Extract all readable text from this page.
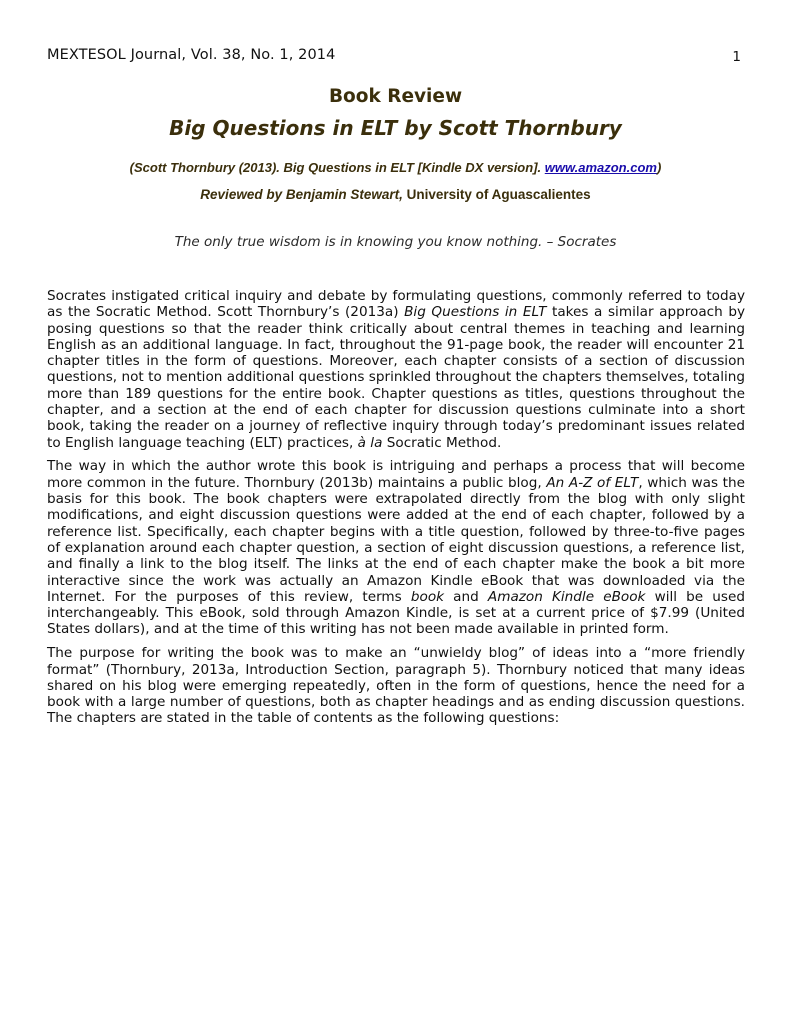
MEXTESOL Journal, Vol. 38, No. 1, 2014	1
Book Review
Big Questions in ELT by Scott Thornbury
(Scott Thornbury (2013). Big Questions in ELT [Kindle DX version]. www.amazon.com)
Reviewed by Benjamin Stewart, University of Aguascalientes
The only true wisdom is in knowing you know nothing. – Socrates

Socrates instigated critical inquiry and debate by formulating questions, commonly referred to today as the Socratic Method. Scott Thornbury’s (2013a) Big Questions in ELT takes a similar approach by posing questions so that the reader think critically about central themes in teaching and learning English as an additional language. In fact, throughout the 91-page book, the reader will encounter 21 chapter titles in the form of questions. Moreover, each chapter consists of a section of discussion questions, not to mention additional questions sprinkled throughout the chapters themselves, totaling more than 189 questions for the entire book. Chapter questions as titles, questions throughout the chapter, and a section at the end of each chapter for discussion questions culminate into a short book, taking the reader on a journey of reflective inquiry through today’s predominant issues related to English language teaching (ELT) practices, à la Socratic Method.

The way in which the author wrote this book is intriguing and perhaps a process that will become more common in the future. Thornbury (2013b) maintains a public blog, An A-Z of ELT, which was the basis for this book. The book chapters were extrapolated directly from the blog with only slight modifications, and eight discussion questions were added at the end of each chapter, followed by a reference list. Specifically, each chapter begins with a title question, followed by three-to-five pages of explanation around each chapter question, a section of eight discussion questions, a reference list, and finally a link to the blog itself. The links at the end of each chapter make the book a bit more interactive since the work was actually an Amazon Kindle eBook that was downloaded via the Internet. For the purposes of this review, terms book and Amazon Kindle eBook will be used interchangeably. This eBook, sold through Amazon Kindle, is set at a current price of $7.99 (United States dollars), and at the time of this writing has not been made available in printed form.

The purpose for writing the book was to make an “unwieldy blog” of ideas into a “more friendly format” (Thornbury, 2013a, Introduction Section, paragraph 5). Thornbury noticed that many ideas shared on his blog were emerging repeatedly, often in the form of questions, hence the need for a book with a large number of questions, both as chapter headings and as ending discussion questions. The chapters are stated in the table of contents as the following questions:
